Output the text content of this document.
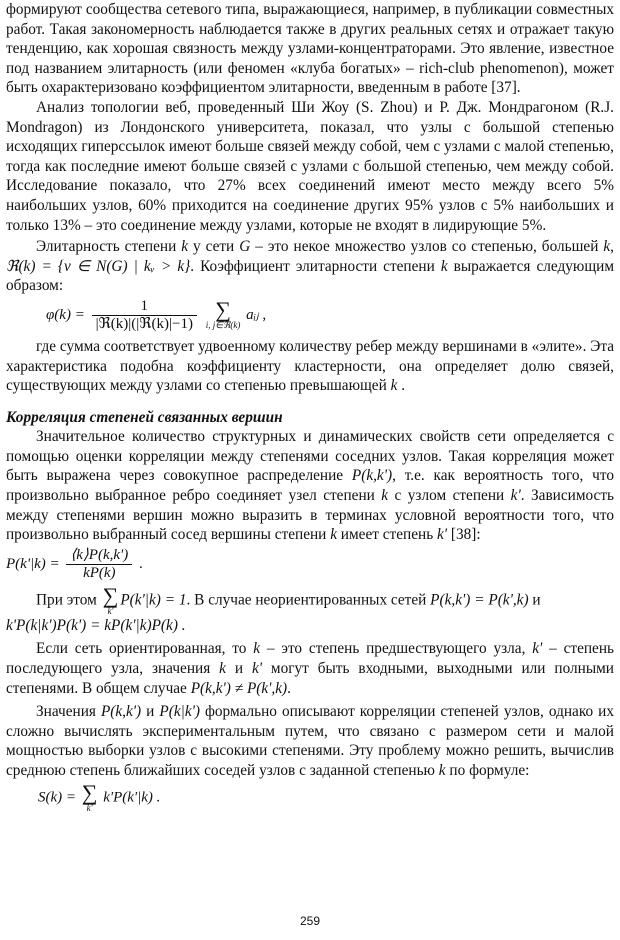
формируют сообщества сетевого типа, выражающиеся, например, в публикации совместных работ. Такая закономерность наблюдается также в других реальных сетях и отражает такую тенденцию, как хорошая связность между узлами-концентраторами. Это явление, известное под названием элитарность (или феномен «клуба богатых» – rich-club phenomenon), может быть охарактеризовано коэффициентом элитарности, введенным в работе [37].

Анализ топологии веб, проведенный Ши Жоу (S. Zhou) и Р. Дж. Мондрагоном (R.J. Mondragon) из Лондонского университета, показал, что узлы с большой степенью исходящих гиперссылок имеют больше связей между собой, чем с узлами с малой степенью, тогда как последние имеют больше связей с узлами с большой степенью, чем между собой. Исследование показало, что 27% всех соединений имеют место между всего 5% наибольших узлов, 60% приходится на соединение других 95% узлов с 5% наибольших и только 13% – это соединение между узлами, которые не входят в лидирующие 5%.

Элитарность степени k у сети G – это некое множество узлов со степенью, большей k, ℜ(k) = {v ∈ N(G) | kᵥ > k}. Коэффициент элитарности степени k выражается следующим образом:

$\varphi(k) = \frac{1}{\text{|ℜ(k)|(|ℜ(k)|−1)}}$
∑
i, j∈ℜ(k)
aᵢⱼ ,

где сумма соответствует удвоенному количеству ребер между вершинами в «элите». Эта характеристика подобна коэффициенту кластерности, она определяет долю связей, существующих между узлами со степенью превышающей k .

Корреляция степеней связанных вершин

Значительное количество структурных и динамических свойств сети определяется с помощью оценки корреляции между степенями соседних узлов. Такая корреляция может быть выражена через совокупное распределение P(k,k'), т.е. как вероятность того, что произвольно выбранное ребро соединяет узел степени k с узлом степени k'. Зависимость между степенями вершин можно выразить в терминах условной вероятности того, что произвольно выбранный сосед вершины степени k имеет степень k' [38]:

$P(k'|k) = \frac{⟨k⟩P(k,k')}{kP(k)}$ .

При этом ∑
k'
P(k'|k) = 1. В случае неориентированных сетей P(k,k') = P(k',k) и

k'P(k|k')P(k') = kP(k'|k)P(k) .

Если сеть ориентированная, то k – это степень предшествующего узла, k' – степень последующего узла, значения k и k' могут быть входными, выходными или полными степенями. В общем случае P(k,k') ≠ P(k',k).

Значения P(k,k') и P(k|k') формально описывают корреляции степеней узлов, однако их сложно вычислять экспериментальным путем, что связано с размером сети и малой мощностью выборки узлов с высокими степенями. Эту проблему можно решить, вычислив среднюю степень ближайших соседей узлов с заданной степенью k по формуле:

S(k) = ∑
k'
k'P(k'|k) .
259
